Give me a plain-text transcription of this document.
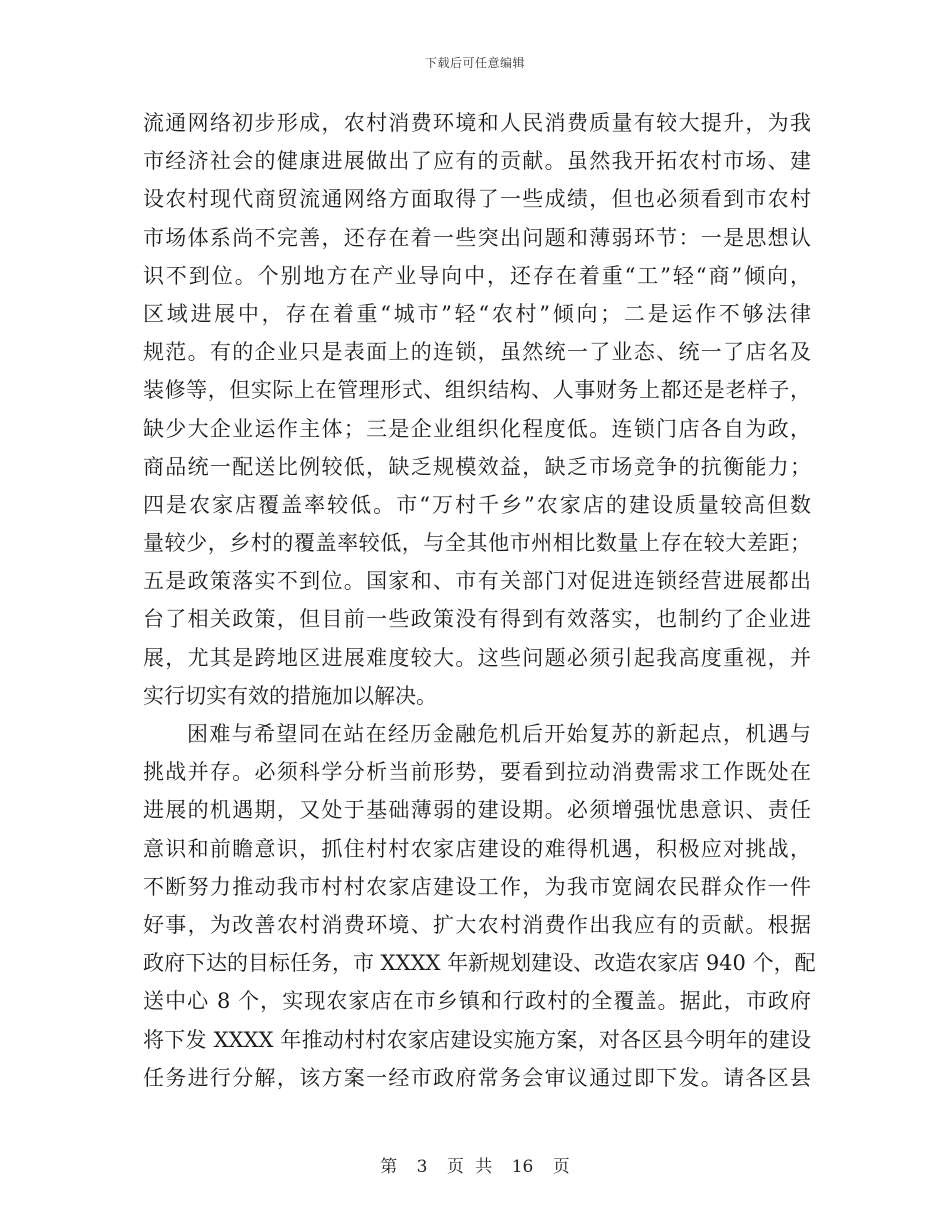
下载后可任意编辑
流通网络初步形成，农村消费环境和人民消费质量有较大提升，为我
市经济社会的健康进展做出了应有的贡献。虽然我开拓农村市场、建
设农村现代商贸流通网络方面取得了一些成绩，但也必须看到市农村
市场体系尚不完善，还存在着一些突出问题和薄弱环节：一是思想认
识不到位。个别地方在产业导向中，还存在着重“工”轻“商”倾向，
区域进展中，存在着重“城市”轻“农村”倾向；二是运作不够法律
规范。有的企业只是表面上的连锁，虽然统一了业态、统一了店名及
装修等，但实际上在管理形式、组织结构、人事财务上都还是老样子，
缺少大企业运作主体；三是企业组织化程度低。连锁门店各自为政，
商品统一配送比例较低，缺乏规模效益，缺乏市场竞争的抗衡能力；
四是农家店覆盖率较低。市“万村千乡”农家店的建设质量较高但数
量较少，乡村的覆盖率较低，与全其他市州相比数量上存在较大差距；
五是政策落实不到位。国家和、市有关部门对促进连锁经营进展都出
台了相关政策，但目前一些政策没有得到有效落实，也制约了企业进
展，尤其是跨地区进展难度较大。这些问题必须引起我高度重视，并
实行切实有效的措施加以解决。
困难与希望同在站在经历金融危机后开始复苏的新起点，机遇与
挑战并存。必须科学分析当前形势，要看到拉动消费需求工作既处在
进展的机遇期，又处于基础薄弱的建设期。必须增强忧患意识、责任
意识和前瞻意识，抓住村村农家店建设的难得机遇，积极应对挑战，
不断努力推动我市村村农家店建设工作，为我市宽阔农民群众作一件
好事，为改善农村消费环境、扩大农村消费作出我应有的贡献。根据
政府下达的目标任务，市 XXXX 年新规划建设、改造农家店 940 个，配
送中心 8 个，实现农家店在市乡镇和行政村的全覆盖。据此，市政府
将下发 XXXX 年推动村村农家店建设实施方案，对各区县今明年的建设
任务进行分解，该方案一经市政府常务会审议通过即下发。请各区县
第 3 页 共 16 页
